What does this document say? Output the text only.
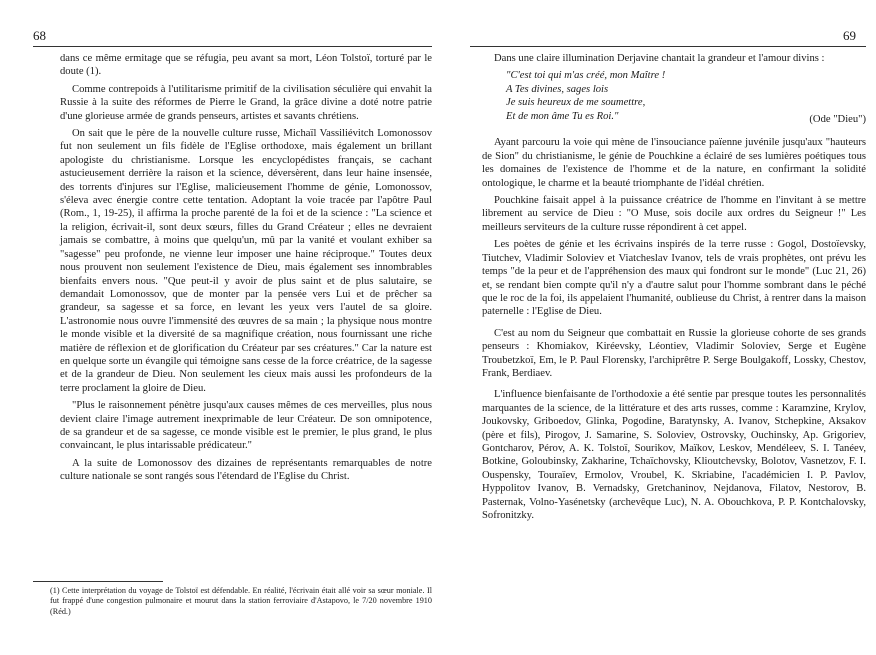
68

dans ce même ermitage que se réfugia, peu avant sa mort, Léon Tolstoï, torturé par le doute (1).

Comme contrepoids à l'utilitarisme primitif de la civilisation séculière qui envahit la Russie à la suite des réformes de Pierre le Grand, la grâce divine a doté notre patrie d'une glorieuse armée de grands penseurs, artistes et savants chrétiens.

On sait que le père de la nouvelle culture russe, Michaïl Vassiliévitch Lomonossov fut non seulement un fils fidèle de l'Eglise orthodoxe, mais également un brillant apologiste du christianisme. Lorsque les encyclopédistes français, se cachant astucieusement derrière la raison et la science, déversèrent, dans leur haine insensée, des torrents d'injures sur l'Eglise, malicieusement l'homme de génie, Lomonossov, s'éleva avec énergie contre cette tentation. Adoptant la voie tracée par l'apôtre Paul (Rom., 1, 19-25), il affirma la proche parenté de la foi et de la science : "La science et la religion, écrivait-il, sont deux sœurs, filles du Grand Créateur ; elles ne devraient jamais se combattre, à moins que quelqu'un, mû par la vanité et voulant exhiber sa "sagesse" peu profonde, ne vienne leur imposer une haine réciproque." Toutes deux nous prouvent non seulement l'existence de Dieu, mais également ses innombrables bienfaits envers nous. "Que peut-il y avoir de plus saint et de plus salutaire, se demandait Lomonossov, que de monter par la pensée vers Lui et de prêcher sa grandeur, sa sagesse et sa force, en levant les yeux vers l'autel de sa gloire. L'astronomie nous ouvre l'immensité des œuvres de sa main ; la physique nous montre le monde visible et la diversité de sa magnifique création, nous fournissant une riche matière de réflexion et de glorification du Créateur par ses créatures." Car la nature est en quelque sorte un évangile qui témoigne sans cesse de la force créatrice, de la sagesse et de la grandeur de Dieu. Non seulement les cieux mais aussi les profondeurs de la terre proclament la gloire de Dieu.

"Plus le raisonnement pénètre jusqu'aux causes mêmes de ces merveilles, plus nous devient claire l'image autrement inexprimable de leur Créateur. De son omnipotence, de sa grandeur et de sa sagesse, ce monde visible est le premier, le plus grand, le plus convaincant, le plus intarissable prédicateur."

A la suite de Lomonossov des dizaines de représentants remarquables de notre culture nationale se sont rangés sous l'étendard de l'Eglise du Christ.

(1) Cette interprétation du voyage de Tolstoï est défendable. En réalité, l'écrivain était allé voir sa sœur moniale. Il fut frappé d'une congestion pulmonaire et mourut dans la station ferroviaire d'Astapovo, le 7/20 novembre 1910 (Réd.)
69

Dans une claire illumination Derjavine chantait la grandeur et l'amour divins :

"C'est toi qui m'as créé, mon Maître !
A Tes divines, sages lois
Je suis heureux de me soumettre,
Et de mon âme Tu es Roi."	(Ode "Dieu")

Ayant parcouru la voie qui mène de l'insouciance païenne juvénile jusqu'aux "hauteurs de Sion" du christianisme, le génie de Pouchkine a éclairé de ses lumières poétiques tous les domaines de l'existence de l'homme et de la nature, en confirmant la solidité ontologique, le charme et la beauté triomphante de l'idéal chrétien.

Pouchkine faisait appel à la puissance créatrice de l'homme en l'invitant à se mettre librement au service de Dieu : "O Muse, sois docile aux ordres du Seigneur !" Les meilleurs serviteurs de la culture russe répondirent à cet appel.

Les poètes de génie et les écrivains inspirés de la terre russe : Gogol, Dostoïevsky, Tiutchev, Vladimir Soloviev et Viatcheslav Ivanov, tels de vrais prophètes, ont prévu les temps "de la peur et de l'appréhension des maux qui fondront sur le monde" (Luc 21, 26) et, se rendant bien compte qu'il n'y a d'autre salut pour l'homme sombrant dans le péché que le roc de la foi, ils appelaient l'humanité, oublieuse du Christ, à rentrer dans la maison paternelle : l'Eglise de Dieu.

C'est au nom du Seigneur que combattait en Russie la glorieuse cohorte de ses grands penseurs : Khomiakov, Kiréevsky, Léontiev, Vladimir Soloviev, Serge et Eugène Troubetzkoï, Em, le P. Paul Florensky, l'archiprêtre P. Serge Boulgakoff, Lossky, Chestov, Frank, Berdiaev.

L'influence bienfaisante de l'orthodoxie a été sentie par presque toutes les personnalités marquantes de la science, de la littérature et des arts russes, comme : Karamzine, Krylov, Joukovsky, Griboedov, Glinka, Pogodine, Baratynsky, A. Ivanov, Stchepkine, Aksakov (père et fils), Pirogov, J. Samarine, S. Soloviev, Ostrovsky, Ouchinsky, Ap. Grigoriev, Gontcharov, Pérov, A. K. Tolstoï, Sourikov, Maïkov, Leskov, Mendéleev, S. I. Tanéev, Botkine, Goloubinsky, Zakharine, Tchaïchovsky, Klioutchevsky, Bolotov, Vasnetzov, F. I. Ouspensky, Touraïev, Ermolov, Vroubel, K. Skriabine, l'académicien I. P. Pavlov, Hyppolitov Ivanov, B. Vernadsky, Gretchaninov, Nejdanova, Filatov, Nestorov, B. Pasternak, Volno-Yasénetsky (archevêque Luc), N. A. Obouchkova, P. P. Kontchalovsky, Sofronitzky.
